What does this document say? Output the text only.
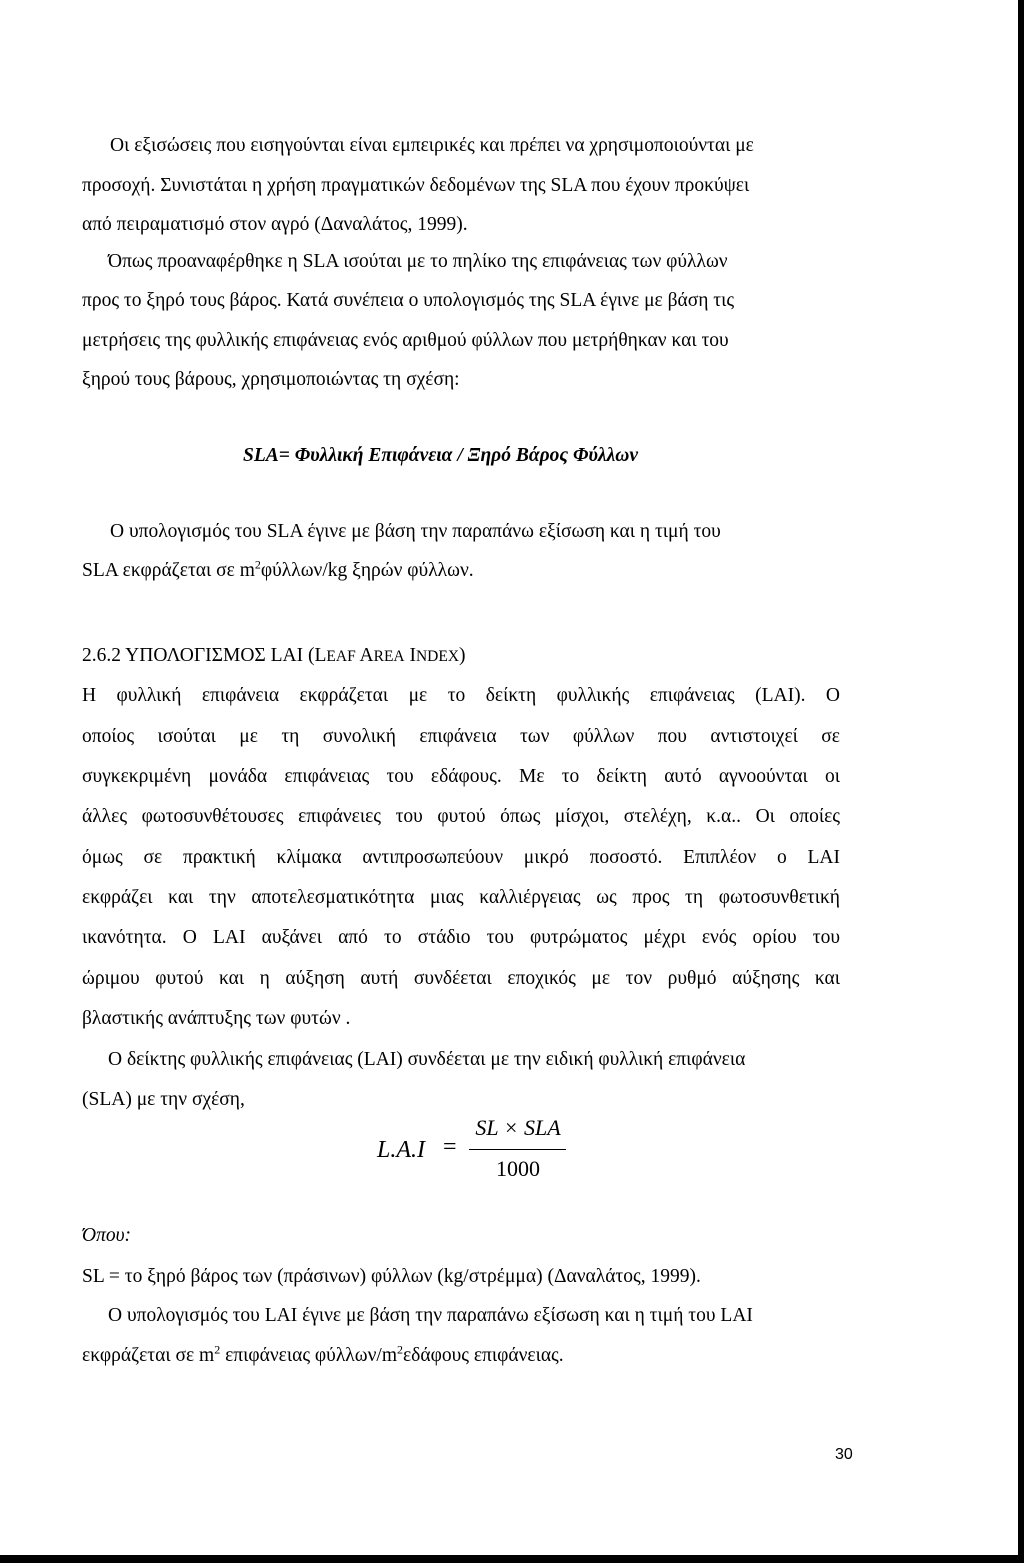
Οι εξισώσεις που εισηγούνται είναι εμπειρικές και πρέπει να χρησιμοποιούνται με
προσοχή. Συνιστάται η χρήση πραγματικών δεδομένων της SLA που έχουν προκύψει
από πειραματισμό στον αγρό (Δαναλάτος, 1999).
Όπως προαναφέρθηκε η SLA ισούται με το πηλίκο της επιφάνειας των φύλλων
προς το ξηρό τους βάρος. Κατά συνέπεια ο υπολογισμός της SLA έγινε με βάση τις
μετρήσεις της φυλλικής επιφάνειας ενός αριθμού φύλλων που μετρήθηκαν και του
ξηρού τους βάρους, χρησιμοποιώντας τη σχέση:
SLA= Φυλλική Επιφάνεια / Ξηρό Βάρος Φύλλων
Ο υπολογισμός του SLA έγινε με βάση την παραπάνω εξίσωση και η τιμή του
SLA εκφράζεται σε $m^2\varphi ύ\lambda\lambda\omega\nu/kg$ ξηρών φύλλων.
2.6.2 ΥΠΟΛΟΓΙΣΜΟΣ LAI (LEAF AREA INDEX)
Η φυλλική επιφάνεια εκφράζεται με το δείκτη φυλλικής επιφάνειας (LAI). Ο
οποίος ισούται με τη συνολική επιφάνεια των φύλλων που αντιστοιχεί σε
συγκεκριμένη μονάδα επιφάνειας του εδάφους. Με το δείκτη αυτό αγνοούνται οι
άλλες φωτοσυνθέτουσες επιφάνειες του φυτού όπως μίσχοι, στελέχη, κ.α.. Οι οποίες
όμως σε πρακτική κλίμακα αντιπροσωπεύουν μικρό ποσοστό. Επιπλέον ο LAI
εκφράζει και την αποτελεσματικότητα μιας καλλιέργειας ως προς τη φωτοσυνθετική
ικανότητα. Ο LAI αυξάνει από το στάδιο του φυτρώματος μέχρι ενός ορίου του
ώριμου φυτού και η αύξηση αυτή συνδέεται εποχικός με τον ρυθμό αύξησης και
βλαστικής ανάπτυξης των φυτών .
Ο δείκτης φυλλικής επιφάνειας (LAI) συνδέεται με την ειδική φυλλική επιφάνεια
(SLA) με την σχέση,
L.A.I =
SL × SLA
1000
Όπου:
SL = το ξηρό βάρος των (πράσινων) φύλλων (kg/στρέμμα) (Δαναλάτος, 1999).
Ο υπολογισμός του LAI έγινε με βάση την παραπάνω εξίσωση και η τιμή του LAI
εκφράζεται σε $m^2$ επιφάνειας φύλλων/$m^2\varepsilon\delta ά\varphi o\upsilon\varsigma$ επιφάνειας.
30
